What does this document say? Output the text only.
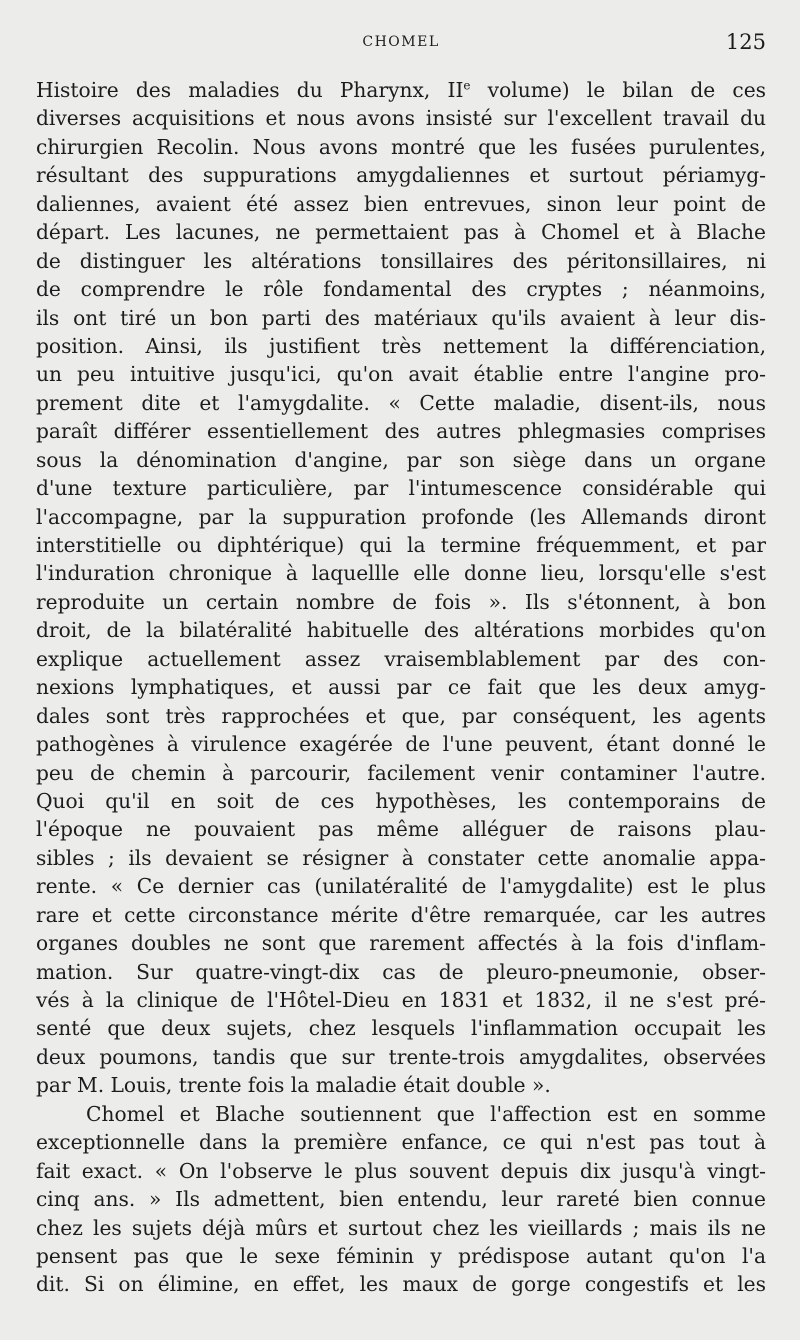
CHOMEL	125
Histoire des maladies du Pharynx, IIe volume) le bilan de ces
diverses acquisitions et nous avons insisté sur l'excellent travail du
chirurgien Recolin. Nous avons montré que les fusées purulentes,
résultant des suppurations amygdaliennes et surtout périamyg-
daliennes, avaient été assez bien entrevues, sinon leur point de
départ. Les lacunes, ne permettaient pas à Chomel et à Blache
de distinguer les altérations tonsillaires des péritonsillaires, ni
de comprendre le rôle fondamental des cryptes ; néanmoins,
ils ont tiré un bon parti des matériaux qu'ils avaient à leur dis-
position. Ainsi, ils justifient très nettement la différenciation,
un peu intuitive jusqu'ici, qu'on avait établie entre l'angine pro-
prement dite et l'amygdalite. « Cette maladie, disent-ils, nous
paraît différer essentiellement des autres phlegmasies comprises
sous la dénomination d'angine, par son siège dans un organe
d'une texture particulière, par l'intumescence considérable qui
l'accompagne, par la suppuration profonde (les Allemands diront
interstitielle ou diphtérique) qui la termine fréquemment, et par
l'induration chronique à laquellle elle donne lieu, lorsqu'elle s'est
reproduite un certain nombre de fois ». Ils s'étonnent, à bon
droit, de la bilatéralité habituelle des altérations morbides qu'on
explique actuellement assez vraisemblablement par des con-
nexions lymphatiques, et aussi par ce fait que les deux amyg-
dales sont très rapprochées et que, par conséquent, les agents
pathogènes à virulence exagérée de l'une peuvent, étant donné le
peu de chemin à parcourir, facilement venir contaminer l'autre.
Quoi qu'il en soit de ces hypothèses, les contemporains de
l'époque ne pouvaient pas même alléguer de raisons plau-
sibles ; ils devaient se résigner à constater cette anomalie appa-
rente. « Ce dernier cas (unilatéralité de l'amygdalite) est le plus
rare et cette circonstance mérite d'être remarquée, car les autres
organes doubles ne sont que rarement affectés à la fois d'inflam-
mation. Sur quatre-vingt-dix cas de pleuro-pneumonie, obser-
vés à la clinique de l'Hôtel-Dieu en 1831 et 1832, il ne s'est pré-
senté que deux sujets, chez lesquels l'inflammation occupait les
deux poumons, tandis que sur trente-trois amygdalites, observées
par M. Louis, trente fois la maladie était double ».
Chomel et Blache soutiennent que l'affection est en somme
exceptionnelle dans la première enfance, ce qui n'est pas tout à
fait exact. « On l'observe le plus souvent depuis dix jusqu'à vingt-
cinq ans. » Ils admettent, bien entendu, leur rareté bien connue
chez les sujets déjà mûrs et surtout chez les vieillards ; mais ils ne
pensent pas que le sexe féminin y prédispose autant qu'on l'a
dit. Si on élimine, en effet, les maux de gorge congestifs et les
